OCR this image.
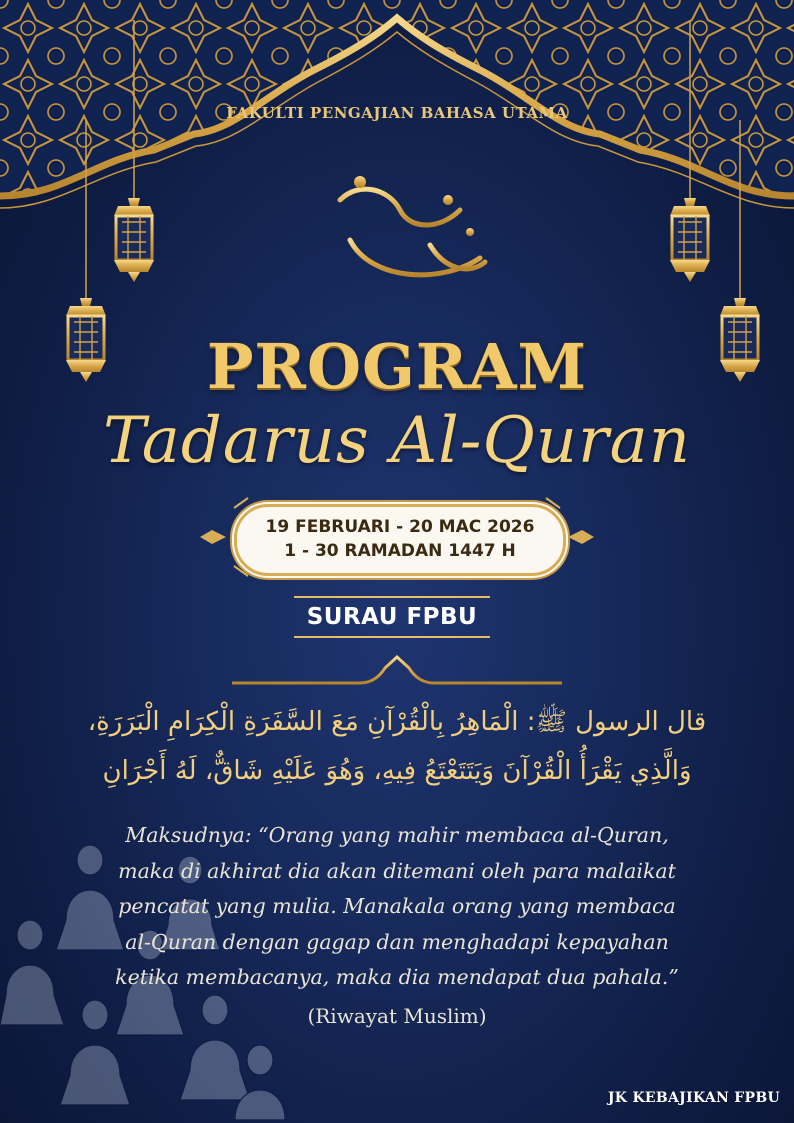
FAKULTI PENGAJIAN BAHASA UTAMA
PROGRAM
Tadarus Al-Quran
19 FEBRUARI - 20 MAC 2026
1 - 30 RAMADAN 1447 H
SURAU FPBU
قال الرسول ﷺ: الْمَاهِرُ بِالْقُرْآنِ مَعَ السَّفَرَةِ الْكِرَامِ الْبَرَرَةِ،
وَالَّذِي يَقْرَأُ الْقُرْآنَ وَيَتَتَعْتَعُ فِيهِ، وَهُوَ عَلَيْهِ شَاقٌّ، لَهُ أَجْرَانِ
Maksudnya: “Orang yang mahir membaca al-Quran,
maka di akhirat dia akan ditemani oleh para malaikat
pencatat yang mulia. Manakala orang yang membaca
al-Quran dengan gagap dan menghadapi kepayahan
ketika membacanya, maka dia mendapat dua pahala.”
(Riwayat Muslim)
JK KEBAJIKAN FPBU
